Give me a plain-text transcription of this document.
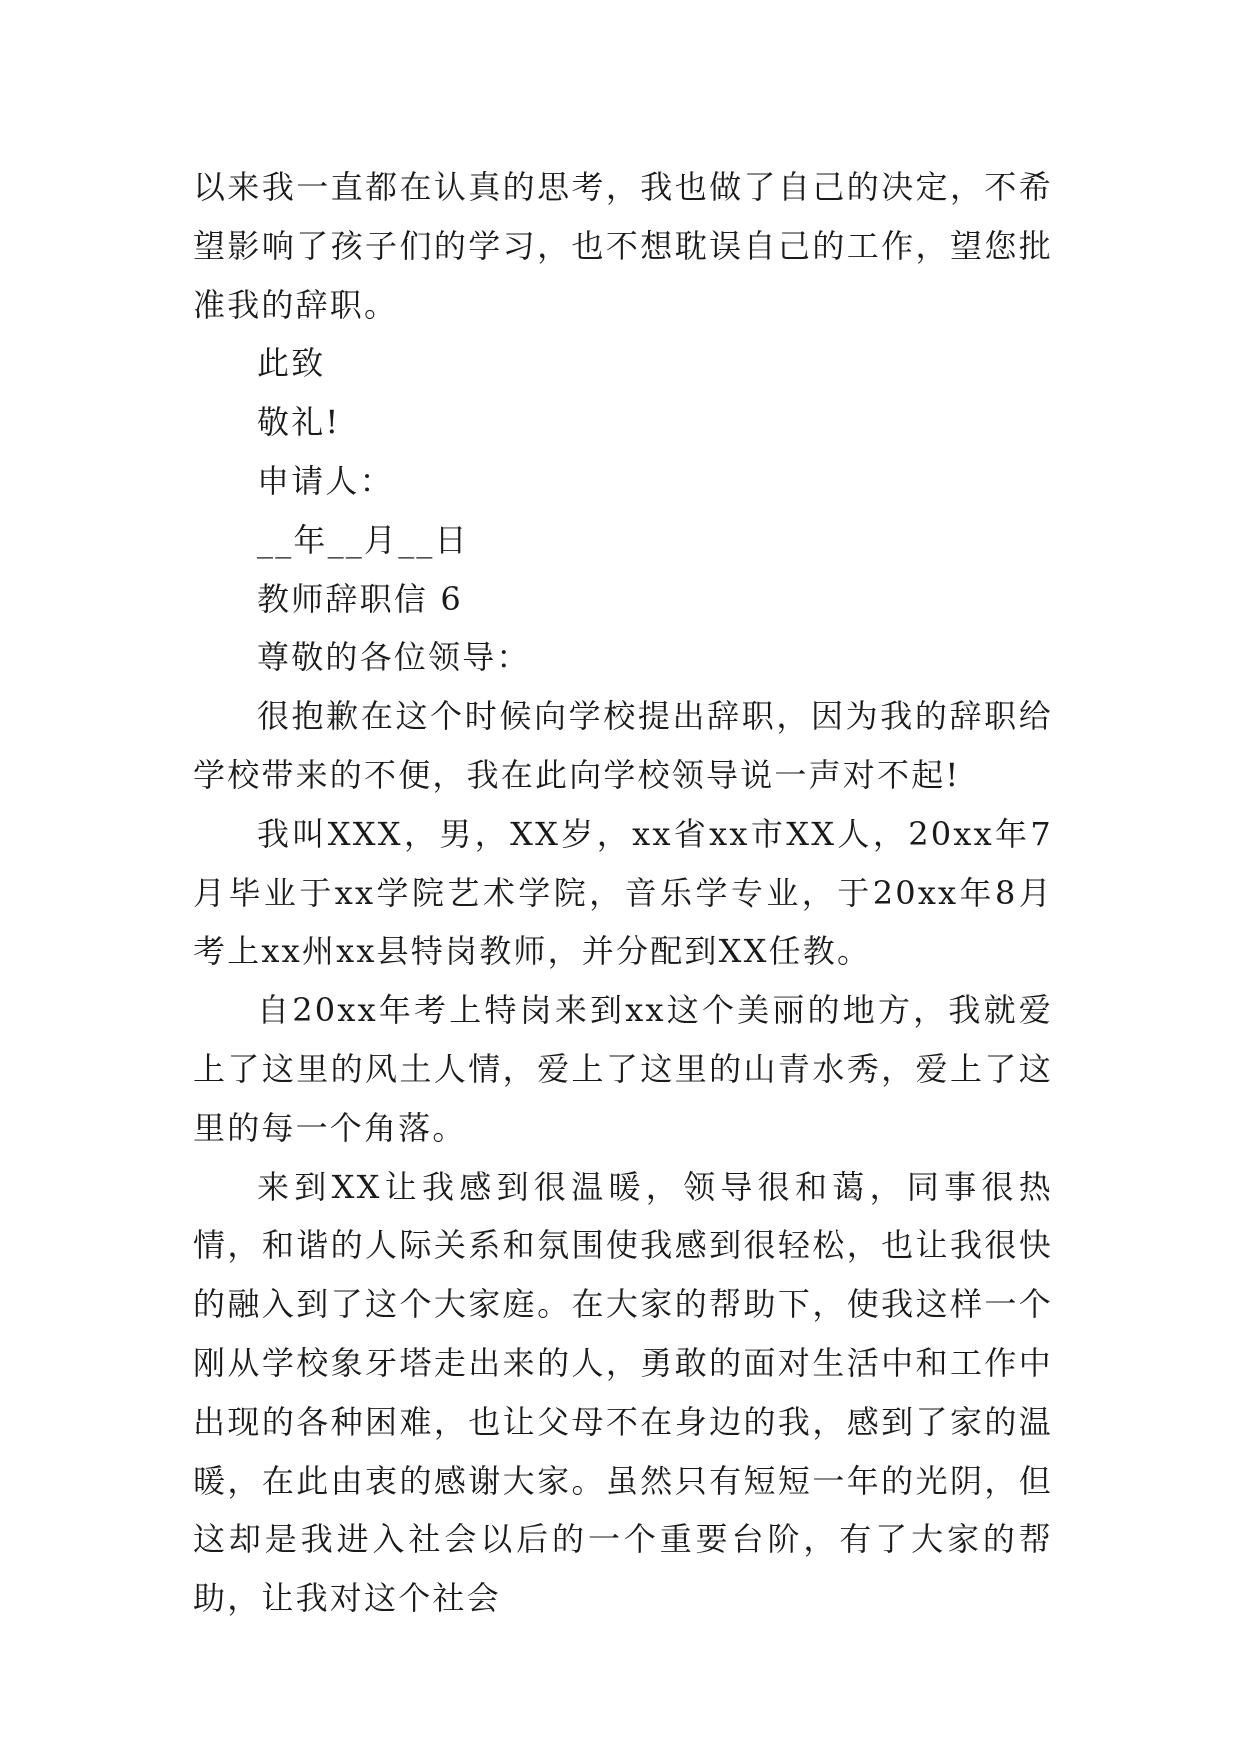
以来我一直都在认真的思考，我也做了自己的决定，不希望影响了孩子们的学习，也不想耽误自己的工作，望您批准我的辞职。

此致

敬礼!

申请人：

__年__月__日

教师辞职信 6

尊敬的各位领导：

很抱歉在这个时候向学校提出辞职，因为我的辞职给学校带来的不便，我在此向学校领导说一声对不起!

我叫XXX，男，XX岁，xx省xx市XX人，20xx年7月毕业于xx学院艺术学院，音乐学专业，于20xx年8月考上xx州xx县特岗教师，并分配到XX任教。

自20xx年考上特岗来到xx这个美丽的地方，我就爱上了这里的风土人情，爱上了这里的山青水秀，爱上了这里的每一个角落。

来到XX让我感到很温暖，领导很和蔼，同事很热情，和谐的人际关系和氛围使我感到很轻松，也让我很快的融入到了这个大家庭。在大家的帮助下，使我这样一个刚从学校象牙塔走出来的人，勇敢的面对生活中和工作中出现的各种困难，也让父母不在身边的我，感到了家的温暖，在此由衷的感谢大家。虽然只有短短一年的光阴，但这却是我进入社会以后的一个重要台阶，有了大家的帮助，让我对这个社会
